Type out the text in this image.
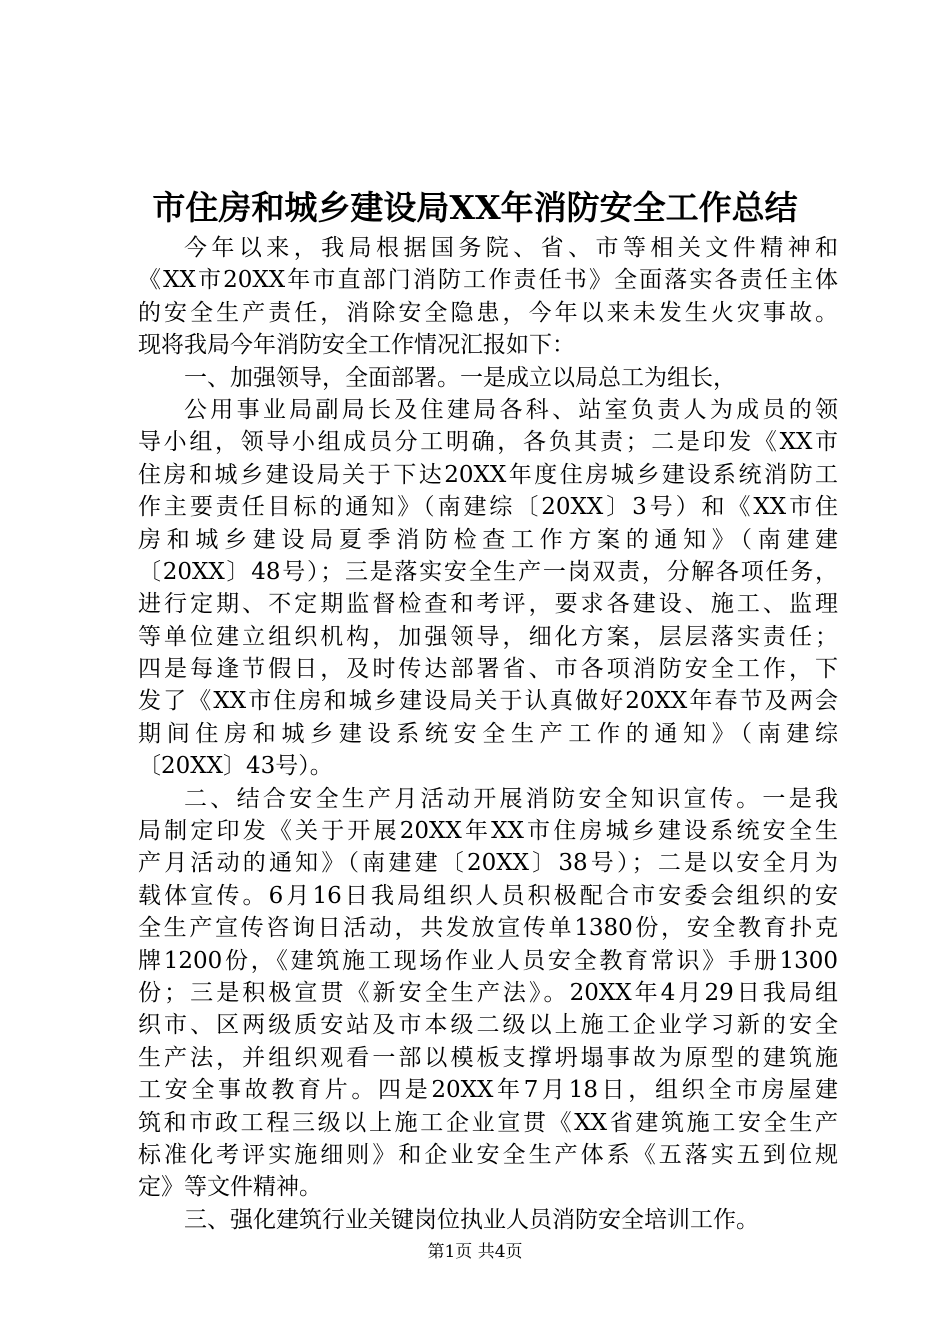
市住房和城乡建设局XX年消防安全工作总结
今年以来，我局根据国务院、省、市等相关文件精神和
《XX市20XX年市直部门消防工作责任书》全面落实各责任主体
的安全生产责任，消除安全隐患，今年以来未发生火灾事故。
现将我局今年消防安全工作情况汇报如下：
一、加强领导，全面部署。一是成立以局总工为组长，
公用事业局副局长及住建局各科、站室负责人为成员的领
导小组，领导小组成员分工明确，各负其责；二是印发《XX市
住房和城乡建设局关于下达20XX年度住房城乡建设系统消防工
作主要责任目标的通知》（南建综〔20XX〕3号）和《XX市住
房和城乡建设局夏季消防检查工作方案的通知》（南建建
〔20XX〕48号）；三是落实安全生产一岗双责，分解各项任务，
进行定期、不定期监督检查和考评，要求各建设、施工、监理
等单位建立组织机构，加强领导，细化方案，层层落实责任；
四是每逢节假日，及时传达部署省、市各项消防安全工作，下
发了《XX市住房和城乡建设局关于认真做好20XX年春节及两会
期间住房和城乡建设系统安全生产工作的通知》（南建综
〔20XX〕43号）。
二、结合安全生产月活动开展消防安全知识宣传。一是我
局制定印发《关于开展20XX年XX市住房城乡建设系统安全生
产月活动的通知》（南建建〔20XX〕38号）；二是以安全月为
载体宣传。6月16日我局组织人员积极配合市安委会组织的安
全生产宣传咨询日活动，共发放宣传单1380份，安全教育扑克
牌1200份，《建筑施工现场作业人员安全教育常识》手册1300
份；三是积极宣贯《新安全生产法》。20XX年4月29日我局组
织市、区两级质安站及市本级二级以上施工企业学习新的安全
生产法，并组织观看一部以模板支撑坍塌事故为原型的建筑施
工安全事故教育片。四是20XX年7月18日，组织全市房屋建
筑和市政工程三级以上施工企业宣贯《XX省建筑施工安全生产
标准化考评实施细则》和企业安全生产体系《五落实五到位规
定》等文件精神。
三、强化建筑行业关键岗位执业人员消防安全培训工作。
第1页 共4页
